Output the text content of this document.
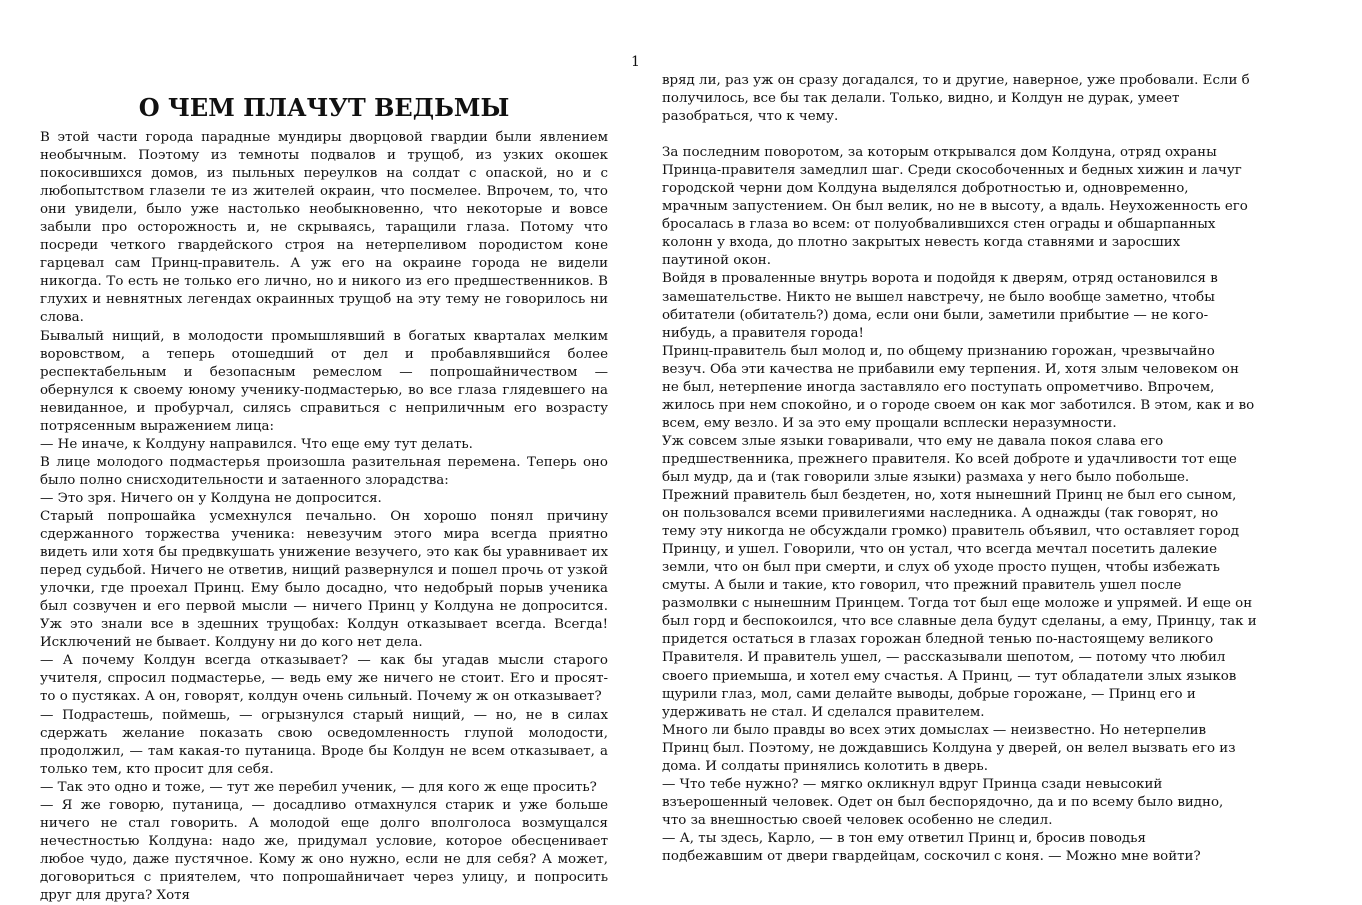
1
О ЧЕМ ПЛАЧУТ ВЕДЬМЫ

В этой части города парадные мундиры дворцовой гвардии были явлением необычным. Поэтому из темноты подвалов и трущоб, из узких окошек покосившихся домов, из пыльных переулков на солдат с опаской, но и с любопытством глазели те из жителей окраин, что посмелее. Впрочем, то, что они увидели, было уже настолько необыкновенно, что некоторые и вовсе забыли про осторожность и, не скрываясь, таращили глаза. Потому что посреди четкого гвардейского строя на нетерпеливом породистом коне гарцевал сам Принц-правитель. А уж его на окраине города не видели никогда. То есть не только его лично, но и никого из его предшественников. В глухих и невнятных легендах окраинных трущоб на эту тему не говорилось ни слова.

Бывалый нищий, в молодости промышлявший в богатых кварталах мелким воровством, а теперь отошедший от дел и пробавлявшийся более респектабельным и безопасным ремеслом — попрошайничеством — обернулся к своему юному ученику-подмастерью, во все глаза глядевшего на невиданное, и пробурчал, силясь справиться с неприличным его возрасту потрясенным выражением лица:

— Не иначе, к Колдуну направился. Что еще ему тут делать.

В лице молодого подмастерья произошла разительная перемена. Теперь оно было полно снисходительности и затаенного злорадства:

— Это зря. Ничего он у Колдуна не допросится.

Старый попрошайка усмехнулся печально. Он хорошо понял причину сдержанного торжества ученика: невезучим этого мира всегда приятно видеть или хотя бы предвкушать унижение везучего, это как бы уравнивает их перед судьбой. Ничего не ответив, нищий развернулся и пошел прочь от узкой улочки, где проехал Принц. Ему было досадно, что недобрый порыв ученика был созвучен и его первой мысли — ничего Принц у Колдуна не допросится. Уж это знали все в здешних трущобах: Колдун отказывает всегда. Всегда! Исключений не бывает. Колдуну ни до кого нет дела.

— А почему Колдун всегда отказывает? — как бы угадав мысли старого учителя, спросил подмастерье, — ведь ему же ничего не стоит. Его и просят-то о пустяках. А он, говорят, колдун очень сильный. Почему ж он отказывает?

— Подрастешь, поймешь, — огрызнулся старый нищий, — но, не в силах сдержать желание показать свою осведомленность глупой молодости, продолжил, — там какая-то путаница. Вроде бы Колдун не всем отказывает, а только тем, кто просит для себя.

— Так это одно и тоже, — тут же перебил ученик, — для кого ж еще просить?

— Я же говорю, путаница, — досадливо отмахнулся старик и уже больше ничего не стал говорить. А молодой еще долго вполголоса возмущался нечестностью Колдуна: надо же, придумал условие, которое обесценивает любое чудо, даже пустячное. Кому ж оно нужно, если не для себя? А может, договориться с приятелем, что попрошайничает через улицу, и попросить друг для друга? Хотя

вряд ли, раз уж он сразу догадался, то и другие, наверное, уже пробовали. Если б
получилось, все бы так делали. Только, видно, и Колдун не дурак, умеет
разобраться, что к чему.
За последним поворотом, за которым открывался дом Колдуна, отряд охраны
Принца-правителя замедлил шаг. Среди скособоченных и бедных хижин и лачуг
городской черни дом Колдуна выделялся добротностью и, одновременно,
мрачным запустением. Он был велик, но не в высоту, а вдаль. Неухоженность его
бросалась в глаза во всем: от полуобвалившихся стен ограды и обшарпанных
колонн у входа, до плотно закрытых невесть когда ставнями и заросших
паутиной окон.
Войдя в проваленные внутрь ворота и подойдя к дверям, отряд остановился в
замешательстве. Никто не вышел навстречу, не было вообще заметно, чтобы
обитатели (обитатель?) дома, если они были, заметили прибытие — не кого-
нибудь, а правителя города!
Принц-правитель был молод и, по общему признанию горожан, чрезвычайно
везуч. Оба эти качества не прибавили ему терпения. И, хотя злым человеком он
не был, нетерпение иногда заставляло его поступать опрометчиво. Впрочем,
жилось при нем спокойно, и о городе своем он как мог заботился. В этом, как и во
всем, ему везло. И за это ему прощали всплески неразумности.
Уж совсем злые языки говаривали, что ему не давала покоя слава его
предшественника, прежнего правителя. Ко всей доброте и удачливости тот еще
был мудр, да и (так говорили злые языки) размаха у него было побольше.
Прежний правитель был бездетен, но, хотя нынешний Принц не был его сыном,
он пользовался всеми привилегиями наследника. А однажды (так говорят, но
тему эту никогда не обсуждали громко) правитель объявил, что оставляет город
Принцу, и ушел. Говорили, что он устал, что всегда мечтал посетить далекие
земли, что он был при смерти, и слух об уходе просто пущен, чтобы избежать
смуты. А были и такие, кто говорил, что прежний правитель ушел после
размолвки с нынешним Принцем. Тогда тот был еще моложе и упрямей. И еще он
был горд и беспокоился, что все славные дела будут сделаны, а ему, Принцу, так и
придется остаться в глазах горожан бледной тенью по-настоящему великого
Правителя. И правитель ушел, — рассказывали шепотом, — потому что любил
своего приемыша, и хотел ему счастья. А Принц, — тут обладатели злых языков
щурили глаз, мол, сами делайте выводы, добрые горожане, — Принц его и
удерживать не стал. И сделался правителем.
Много ли было правды во всех этих домыслах — неизвестно. Но нетерпелив
Принц был. Поэтому, не дождавшись Колдуна у дверей, он велел вызвать его из
дома. И солдаты принялись колотить в дверь.
— Что тебе нужно? — мягко окликнул вдруг Принца сзади невысокий
взъерошенный человек. Одет он был беспорядочно, да и по всему было видно,
что за внешностью своей человек особенно не следил.
— А, ты здесь, Карло, — в тон ему ответил Принц и, бросив поводья
подбежавшим от двери гвардейцам, соскочил с коня. — Можно мне войти?
